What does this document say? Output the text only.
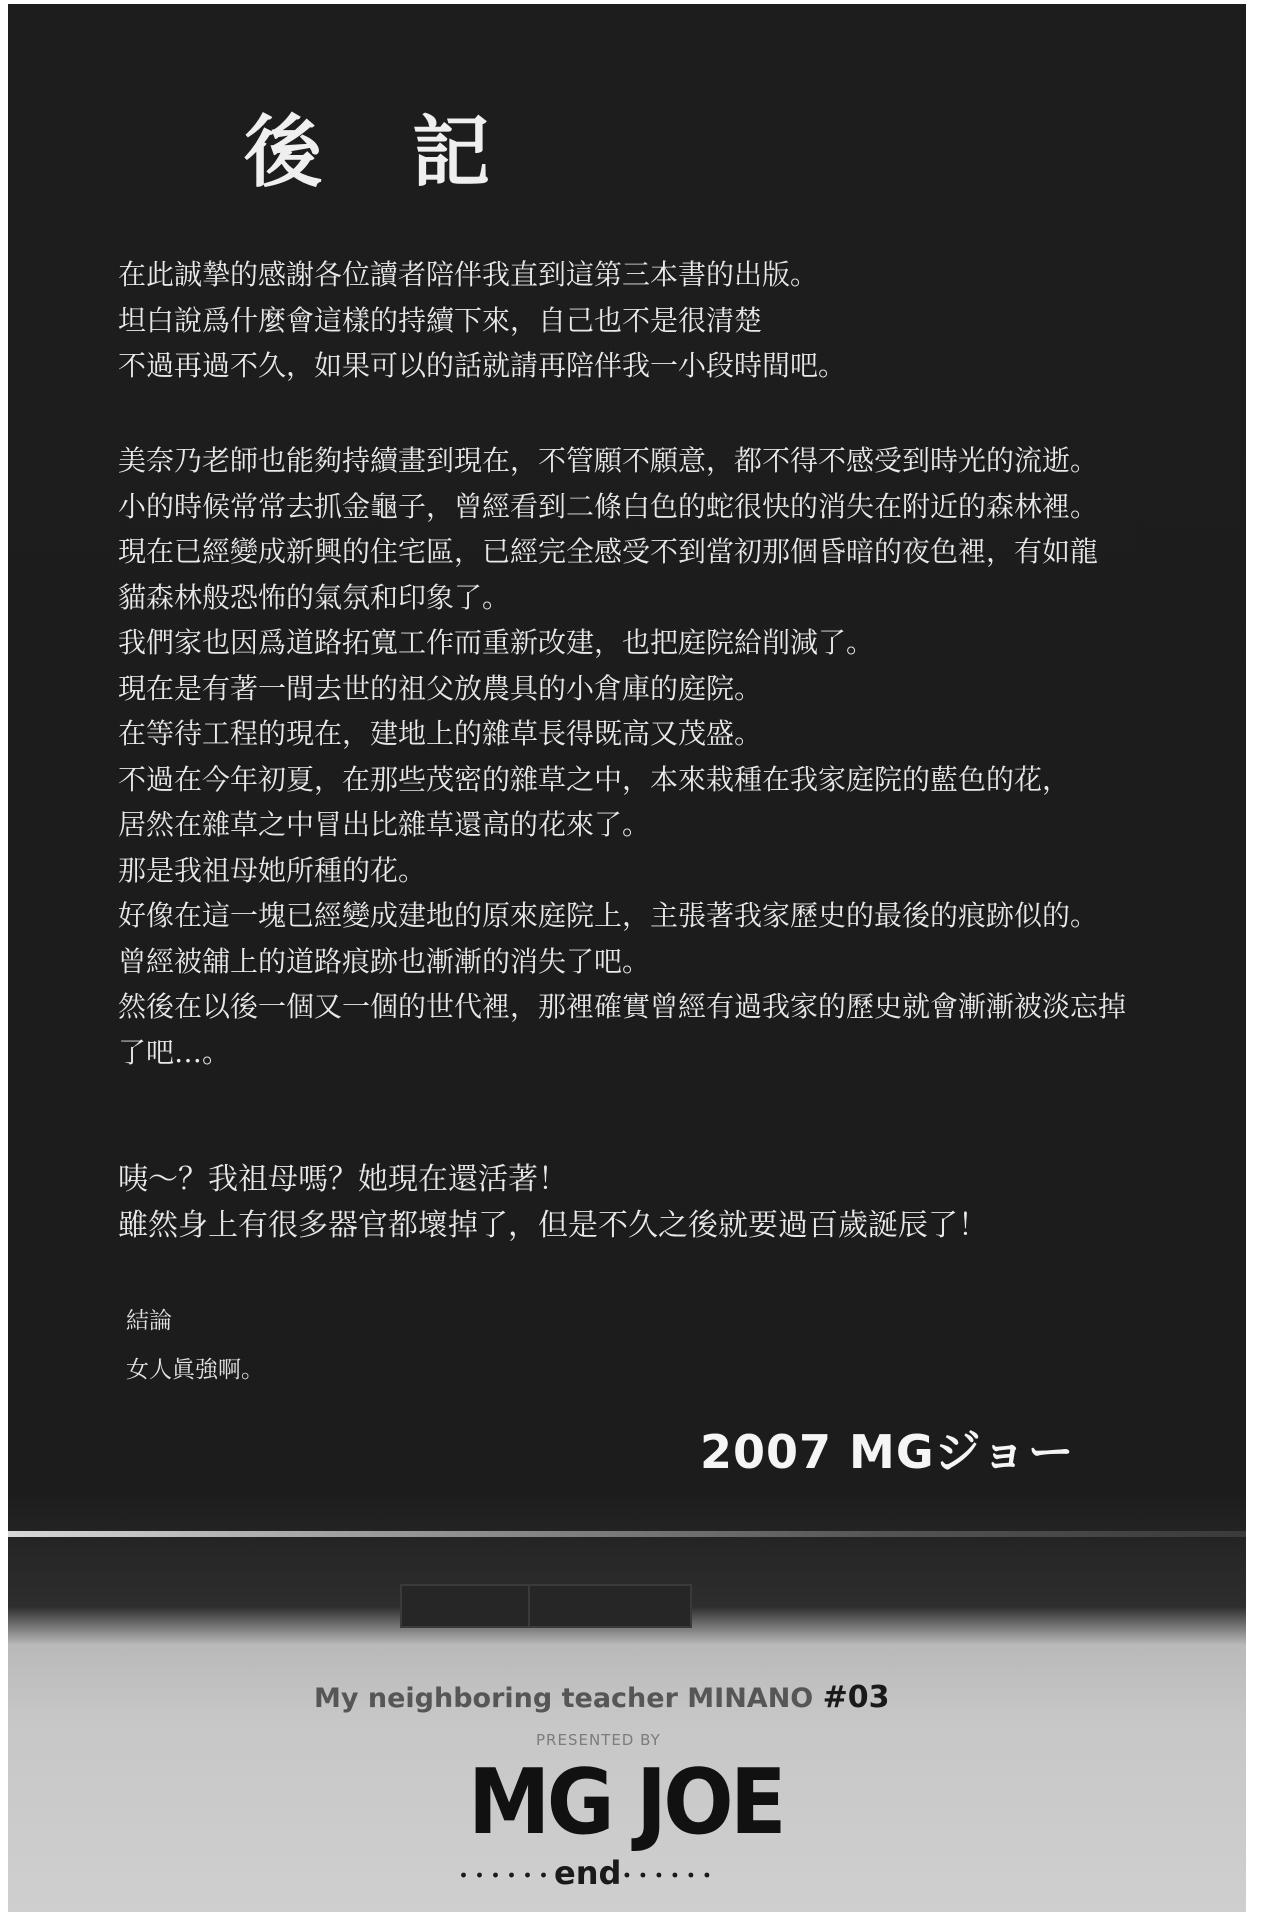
後記
在此誠摯的感謝各位讀者陪伴我直到這第三本書的出版。
坦白說爲什麼會這樣的持續下來，自己也不是很清楚
不過再過不久，如果可以的話就請再陪伴我一小段時間吧。
美奈乃老師也能夠持續畫到現在，不管願不願意，都不得不感受到時光的流逝。
小的時候常常去抓金龜子，曾經看到二條白色的蛇很快的消失在附近的森林裡。
現在已經變成新興的住宅區，已經完全感受不到當初那個昏暗的夜色裡，有如龍
貓森林般恐怖的氣氛和印象了。
我們家也因爲道路拓寬工作而重新改建，也把庭院給削減了。
現在是有著一間去世的祖父放農具的小倉庫的庭院。
在等待工程的現在，建地上的雜草長得既高又茂盛。
不過在今年初夏，在那些茂密的雜草之中，本來栽種在我家庭院的藍色的花，
居然在雜草之中冒出比雜草還高的花來了。
那是我祖母她所種的花。
好像在這一塊已經變成建地的原來庭院上，主張著我家歷史的最後的痕跡似的。
曾經被舖上的道路痕跡也漸漸的消失了吧。
然後在以後一個又一個的世代裡，那裡確實曾經有過我家的歷史就會漸漸被淡忘掉
了吧…。
咦～？我祖母嗎？她現在還活著！
雖然身上有很多器官都壞掉了，但是不久之後就要過百歲誕辰了！
結論
女人眞強啊。
2007 MGジョー
My neighboring teacher MINANO #03
PRESENTED BY
MG JOE
･･････end･･････
